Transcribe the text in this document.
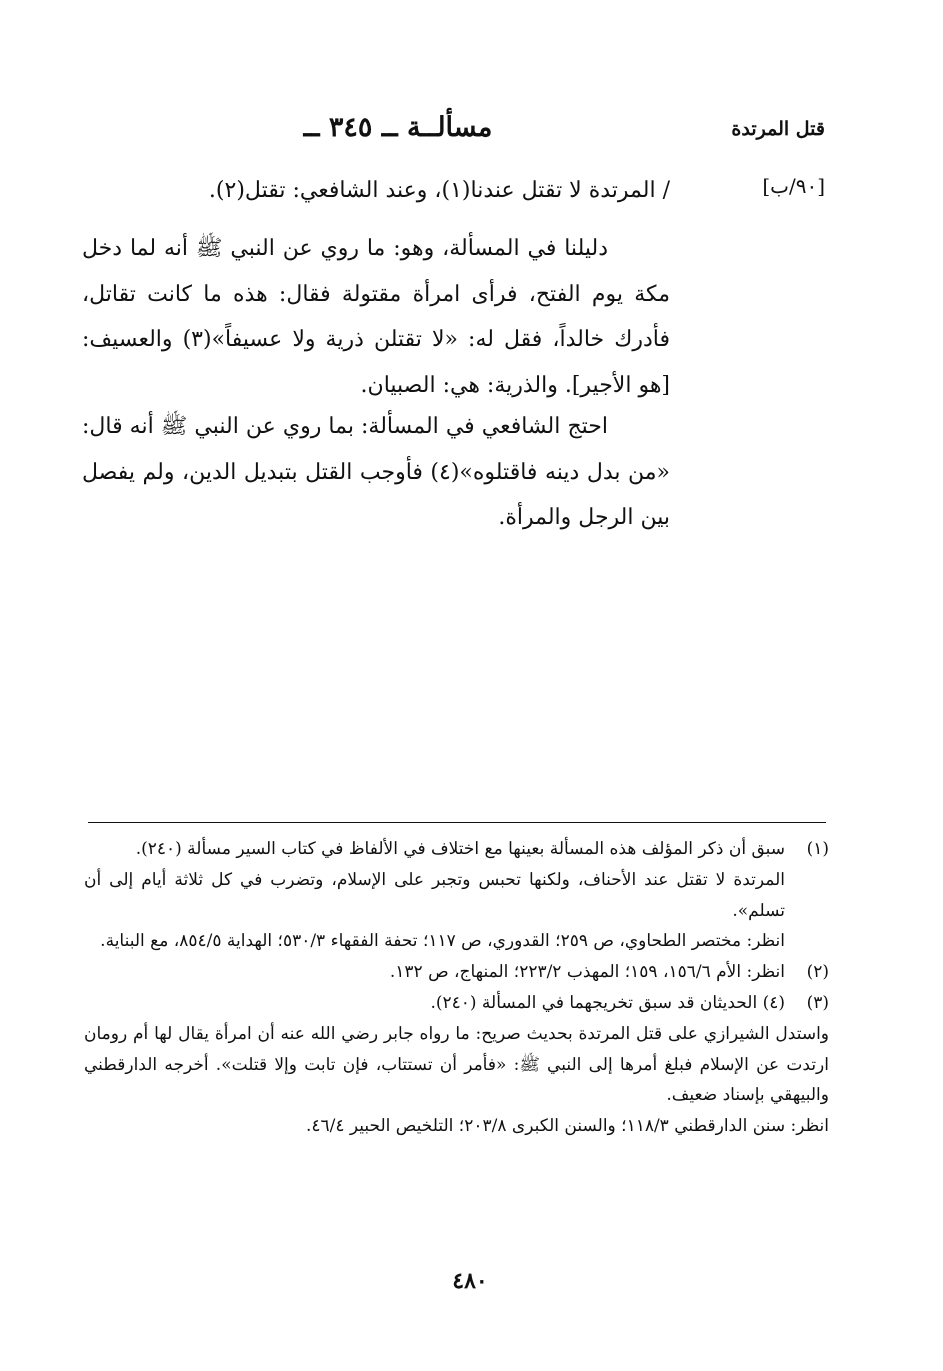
قتل المرتدة
[٩٠/ب]
مسألــة ــ ٣٤٥ ــ

/ المرتدة لا تقتل عندنا(١)، وعند الشافعي: تقتل(٢).

دليلنا في المسألة، وهو: ما روي عن النبي ﷺ أنه لما دخل مكة يوم الفتح، فرأى امرأة مقتولة فقال: هذه ما كانت تقاتل، فأدرك خالداً، فقل له: «لا تقتلن ذرية ولا عسيفاً»(٣) والعسيف: [هو الأجير]. والذرية: هي: الصبيان.

احتج الشافعي في المسألة: بما روي عن النبي ﷺ أنه قال: «من بدل دينه فاقتلوه»(٤) فأوجب القتل بتبديل الدين، ولم يفصل بين الرجل والمرأة.

(١)

سبق أن ذكر المؤلف هذه المسألة بعينها مع اختلاف في الألفاظ في كتاب السير مسألة (٢٤٠).

المرتدة لا تقتل عند الأحناف، ولكنها تحبس وتجبر على الإسلام، وتضرب في كل ثلاثة أيام إلى أن تسلم».

انظر: مختصر الطحاوي، ص ٢٥٩؛ القدوري، ص ١١٧؛ تحفة الفقهاء ٥٣٠/٣؛ الهداية ٨٥٤/٥، مع البناية.

(٢)

انظر: الأم ١٥٦/٦، ١٥٩؛ المهذب ٢٢٣/٢؛ المنهاج، ص ١٣٢.

(٣)

(٤) الحديثان قد سبق تخريجهما في المسألة (٢٤٠).

واستدل الشيرازي على قتل المرتدة بحديث صريح: ما رواه جابر رضي الله عنه أن امرأة يقال لها أم رومان ارتدت عن الإسلام فبلغ أمرها إلى النبي ﷺ: «فأمر أن تستتاب، فإن تابت وإلا قتلت». أخرجه الدارقطني والبيهقي بإسناد ضعيف.

انظر: سنن الدارقطني ١١٨/٣؛ والسنن الكبرى ٢٠٣/٨؛ التلخيص الحبير ٤٦/٤.

٤٨٠
